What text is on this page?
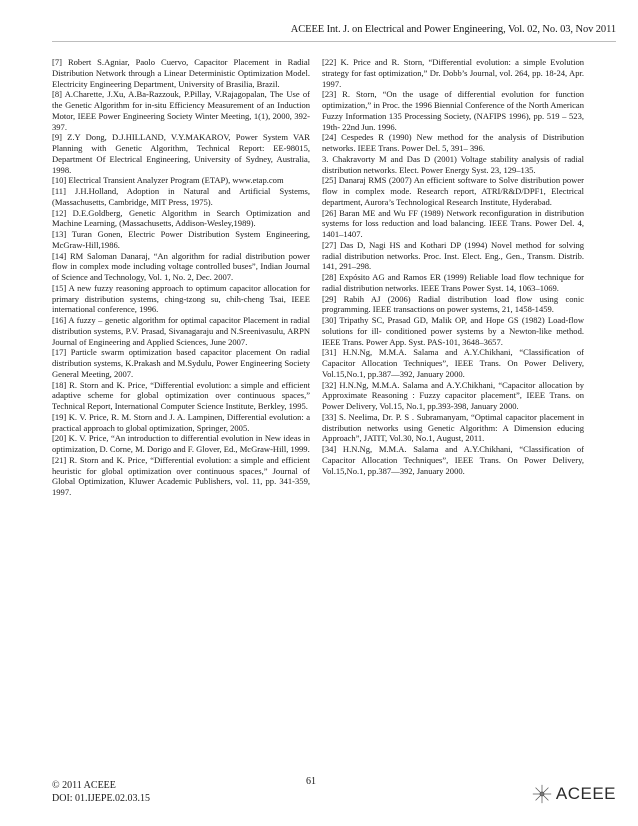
ACEEE Int. J. on Electrical and Power Engineering, Vol. 02, No. 03, Nov 2011

[7] Robert S.Agniar, Paolo Cuervo, Capacitor Placement in Radial Distribution Network through a Linear Deterministic Optimization Model. Electricity Engineering Department, University of Brasilia, Brazil.

[8] A.Charette, J.Xu, A.Ba-Razzouk, P.Pillay, V.Rajagopalan, The Use of the Genetic Algorithm for in-situ Efficiency Measurement of an Induction Motor, IEEE Power Engineering Society Winter Meeting, 1(1), 2000, 392-397.

[9] Z.Y Dong, D.J.HILLAND, V.Y.MAKAROV, Power System VAR Planning with Genetic Algorithm, Technical Report: EE-98015, Department Of Electrical Engineering, University of Sydney, Australia, 1998.

[10] Electrical Transient Analyzer Program (ETAP), www.etap.com

[11] J.H.Holland, Adoption in Natural and Artificial Systems, (Massachusetts, Cambridge, MIT Press, 1975).

[12] D.E.Goldberg, Genetic Algorithm in Search Optimization and Machine Learning, (Massachusetts, Addison-Wesley,1989).

[13] Turan Gonen, Electric Power Distribution System Engineering, McGraw-Hill,1986.

[14] RM Saloman Danaraj, “An algorithm for radial distribution power flow in complex mode including voltage controlled buses”, Indian Journal of Science and Technology, Vol. 1, No. 2, Dec. 2007.

[15] A new fuzzy reasoning approach to optimum capacitor allocation for primary distribution systems, ching-tzong su, chih-cheng Tsai, IEEE international conference, 1996.

[16] A fuzzy – genetic algorithm for optimal capacitor Placement in radial distribution systems, P.V. Prasad, Sivanagaraju and N.Sreenivasulu, ARPN Journal of Engineering and Applied Sciences, June 2007.

[17] Particle swarm optimization based capacitor placement On radial distribution systems, K.Prakash and M.Sydulu, Power Engineering Society General Meeting, 2007.

[18] R. Storn and K. Price, “Differential evolution: a simple and efficient adaptive scheme for global optimization over continuous spaces,” Technical Report, International Computer Science Institute, Berkley, 1995.

[19] K. V. Price, R. M. Storn and J. A. Lampinen, Differential evolution: a practical approach to global optimization, Springer, 2005.

[20] K. V. Price, “An introduction to differential evolution in New ideas in optimization, D. Corne, M. Dorigo and F. Glover, Ed., McGraw-Hill, 1999.

[21] R. Storn and K. Price, “Differential evolution: a simple and efficient heuristic for global optimization over continuous spaces,” Journal of Global Optimization, Kluwer Academic Publishers, vol. 11, pp. 341-359, 1997.

[22] K. Price and R. Storn, “Differential evolution: a simple Evolution strategy for fast optimization,” Dr. Dobb’s Journal, vol. 264, pp. 18-24, Apr. 1997.

[23] R. Storn, “On the usage of differential evolution for function optimization,” in Proc. the 1996 Biennial Conference of the North American Fuzzy Information 135 Processing Society, (NAFIPS 1996), pp. 519 – 523, 19th- 22nd Jun. 1996.

[24] Cespedes R (1990) New method for the analysis of Distribution networks. IEEE Trans. Power Del. 5, 391– 396.

3. Chakravorty M and Das D (2001) Voltage stability analysis of radial distribution networks. Elect. Power Energy Syst. 23, 129–135.

[25] Danaraj RMS (2007) An efficient software to Solve distribution power flow in complex mode. Research report, ATRI/R&D/DPF1, Electrical department, Aurora’s Technological Research Institute, Hyderabad.

[26] Baran ME and Wu FF (1989) Network reconfiguration in distribution systems for loss reduction and load balancing. IEEE Trans. Power Del. 4, 1401–1407.

[27] Das D, Nagi HS and Kothari DP (1994) Novel method for solving radial distribution networks. Proc. Inst. Elect. Eng., Gen., Transm. Distrib. 141, 291–298.

[28] Expósito AG and Ramos ER (1999) Reliable load flow technique for radial distribution networks. IEEE Trans Power Syst. 14, 1063–1069.

[29] Rabih AJ (2006) Radial distribution load flow using conic programming. IEEE transactions on power systems, 21, 1458-1459.

[30] Tripathy SC, Prasad GD, Malik OP, and Hope GS (1982) Load-flow solutions for ill- conditioned power systems by a Newton-like method. IEEE Trans. Power App. Syst. PAS-101, 3648–3657.

[31] H.N.Ng, M.M.A. Salama and A.Y.Chikhani, “Classification of Capacitor Allocation Techniques”, IEEE Trans. On Power Delivery, Vol.15,No.1, pp.387—392, January 2000.

[32] H.N.Ng, M.M.A. Salama and A.Y.Chikhani, “Capacitor allocation by Approximate Reasoning : Fuzzy capacitor placement”, IEEE Trans. on Power Delivery, Vol.15, No.1, pp.393-398, January 2000.

[33] S. Neelima, Dr. P. S . Subramanyam, “Optimal capacitor placement in distribution networks using Genetic Algorithm: A Dimension educing Approach”, JATIT, Vol.30, No.1, August, 2011.

[34] H.N.Ng, M.M.A. Salama and A.Y.Chikhani, “Classification of Capacitor Allocation Techniques”, IEEE Trans. On Power Delivery, Vol.15,No.1, pp.387—392, January 2000.

© 2011 ACEEE
DOI: 01.IJEPE.02.03.15
61
ACEEE
